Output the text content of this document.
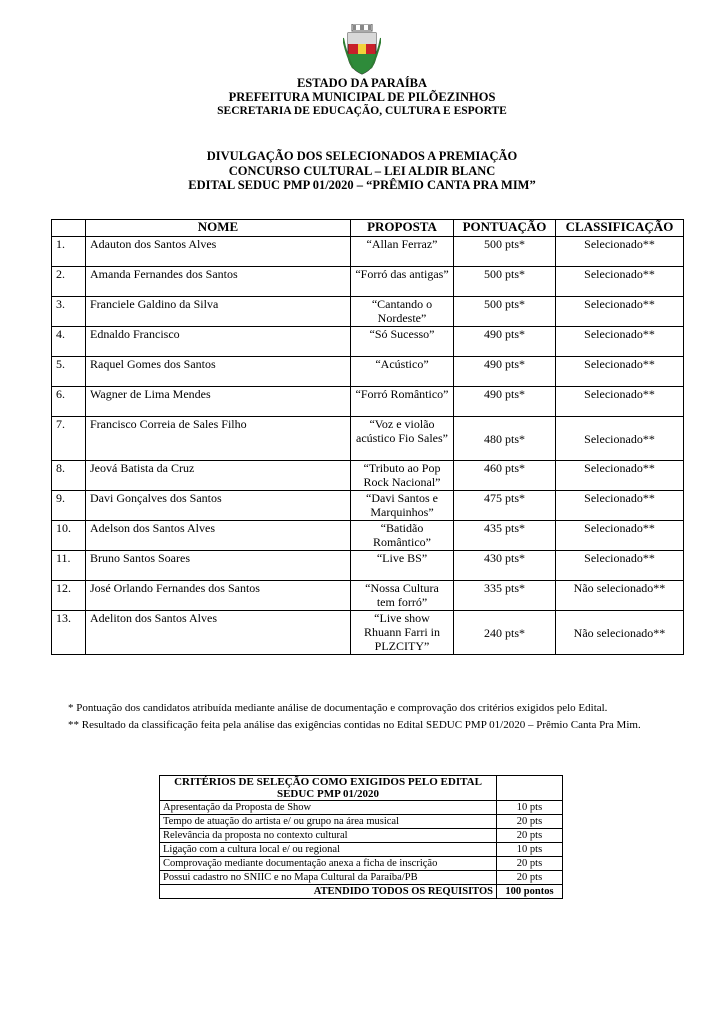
ESTADO DA PARAÍBA
PREFEITURA MUNICIPAL DE PILÕEZINHOS
SECRETARIA DE EDUCAÇÃO, CULTURA E ESPORTE
DIVULGAÇÃO DOS SELECIONADOS A PREMIAÇÃO
CONCURSO CULTURAL – LEI ALDIR BLANC
EDITAL SEDUC PMP 01/2020 – “PRÊMIO CANTA PRA MIM”
	NOME	PROPOSTA	PONTUAÇÃO	CLASSIFICAÇÃO
1.	Adauton dos Santos Alves	“Allan Ferraz”	500 pts*	Selecionado**
2.	Amanda Fernandes dos Santos	“Forró das antigas”	500 pts*	Selecionado**
3.	Franciele Galdino da Silva	“Cantando o Nordeste”	500 pts*	Selecionado**
4.	Ednaldo Francisco	“Só Sucesso”	490 pts*	Selecionado**
5.	Raquel Gomes dos Santos	“Acústico”	490 pts*	Selecionado**
6.	Wagner de Lima Mendes	“Forró Romântico”	490 pts*	Selecionado**
7.	Francisco Correia de Sales Filho	“Voz e violão acústico Fio Sales”	480 pts*	Selecionado**
8.	Jeová Batista da Cruz	“Tributo ao Pop Rock Nacional”	460 pts*	Selecionado**
9.	Davi Gonçalves dos Santos	“Davi Santos e Marquinhos”	475 pts*	Selecionado**
10.	Adelson dos Santos Alves	“Batidão Romântico”	435 pts*	Selecionado**
11.	Bruno Santos Soares	“Live BS”	430 pts*	Selecionado**
12.	José Orlando Fernandes dos Santos	“Nossa Cultura tem forró”	335 pts*	Não selecionado**
13.	Adeliton dos Santos Alves	“Live show Rhuann Farri in PLZCITY”	240 pts*	Não selecionado**
* Pontuação dos candidatos atribuída mediante análise de documentação e comprovação dos critérios exigidos pelo Edital.
** Resultado da classificação feita pela análise das exigências contidas no Edital SEDUC PMP 01/2020 – Prêmio Canta Pra Mim.
CRITÉRIOS DE SELEÇÃO COMO EXIGIDOS PELO EDITAL SEDUC PMP 01/2020	
Apresentação da Proposta de Show	10 pts
Tempo de atuação do artista e/ ou grupo na área musical	20 pts
Relevância da proposta no contexto cultural	20 pts
Ligação com a cultura local e/ ou regional	10 pts
Comprovação mediante documentação anexa a ficha de inscrição	20 pts
Possui cadastro no SNIIC e no Mapa Cultural da Paraíba/PB	20 pts
ATENDIDO TODOS OS REQUISITOS	100 pontos
